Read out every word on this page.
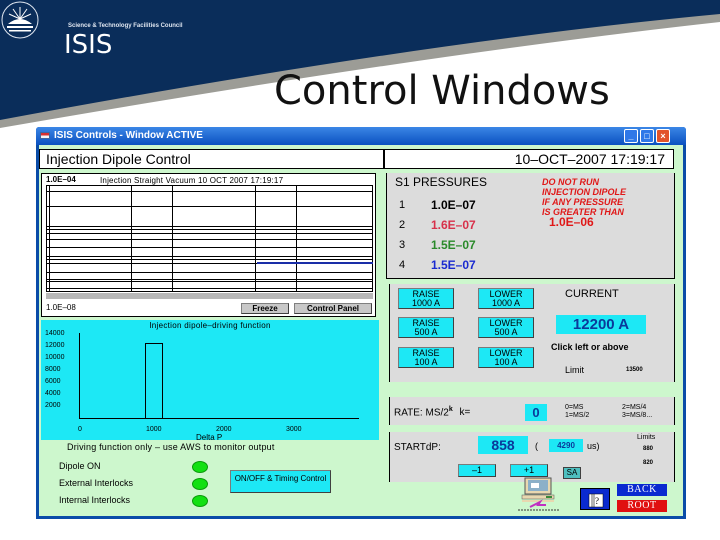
Science & Technology Facilities Council
ISIS
Control Windows
ISIS Controls - Window ACTIVE	_	□	×
Injection Dipole Control	10–OCT–2007 17:19:17
1.0E–04	Injection Straight Vacuum 10 OCT 2007 17:19:17
1.0E–08	Freeze	Control Panel
Injection dipole–driving function
14000
12000
10000
8000
6000
4000
2000
0	1000	2000	3000
Delta P
Driving function only – use AWS to monitor output
Dipole ON
External Interlocks
Internal Interlocks
ON/OFF & Timing Control
S1 PRESSURES
1 1.0E–07
2 1.6E–07
3 1.5E–07
4 1.5E–07
DO NOT RUN
INJECTION DIPOLE
IF ANY PRESSURE
IS GREATER THAN
1.0E–06
RAISE
1000 A
LOWER
1000 A
RAISE
500 A
LOWER
500 A
RAISE
100 A
LOWER
100 A
CURRENT
12200 A
Click left or above
Limit	13500
RATE: MS/2$^k$ k=	0	0=MS
1=MS/2
2=MS/4
3=MS/8...
STARTdP:	858	(	4290	us)
–1	+1	SA
Limits
880
820
?
BACK
ROOT
